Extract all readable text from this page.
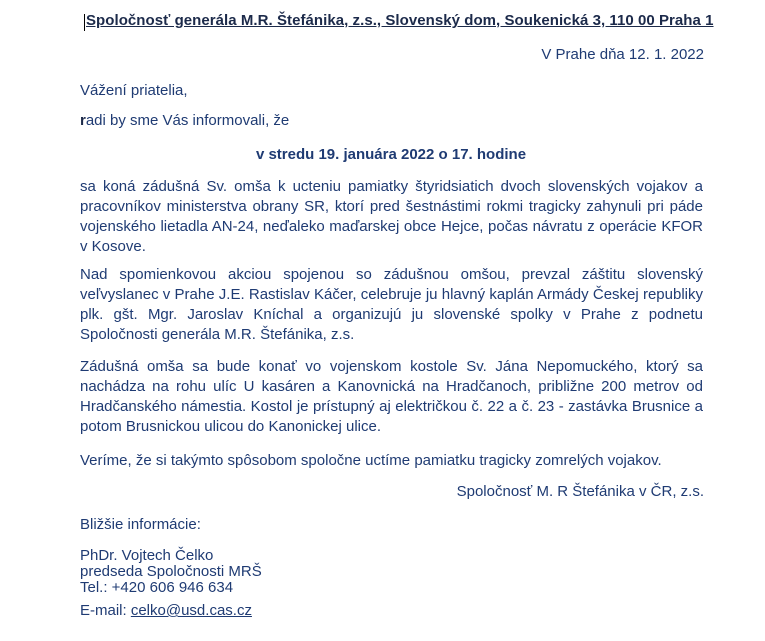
Spoločnosť generála M.R. Štefánika, z.s., Slovenský dom, Soukenická 3, 110 00 Praha 1
V Prahe dňa 12. 1. 2022
Vážení priatelia,
radi by sme Vás informovali, že
v stredu 19. januára 2022 o 17. hodine
sa koná zádušná Sv. omša k ucteniu pamiatky štyridsiatich dvoch slovenských vojakov a pracovníkov ministerstva obrany SR, ktorí pred šestnástimi rokmi tragicky zahynuli pri páde vojenského lietadla AN-24, neďaleko maďarskej obce Hejce, počas návratu z operácie KFOR v Kosove.
Nad spomienkovou akciou spojenou so zádušnou omšou, prevzal záštitu slovenský veľvyslanec v Prahe J.E. Rastislav Káčer, celebruje ju hlavný kaplán Armády Českej republiky plk. gšt. Mgr. Jaroslav Kníchal a organizujú ju slovenské spolky v Prahe z podnetu Spoločnosti generála M.R. Štefánika, z.s.
Zádušná omša sa bude konať vo vojenskom kostole Sv. Jána Nepomuckého, ktorý sa nachádza na rohu ulíc U kasáren a Kanovnická na Hradčanoch, približne 200 metrov od Hradčanského námestia. Kostol je prístupný aj električkou č. 22 a č. 23 - zastávka Brusnice a potom Brusnickou ulicou do Kanonickej ulice.
Veríme, že si takýmto spôsobom spoločne uctíme pamiatku tragicky zomrelých vojakov.
Spoločnosť M. R Štefánika v ČR, z.s.
Bližšie informácie:
PhDr. Vojtech Čelko
predseda Spoločnosti MRŠ
Tel.: +420 606 946 634
E-mail: celko@usd.cas.cz
